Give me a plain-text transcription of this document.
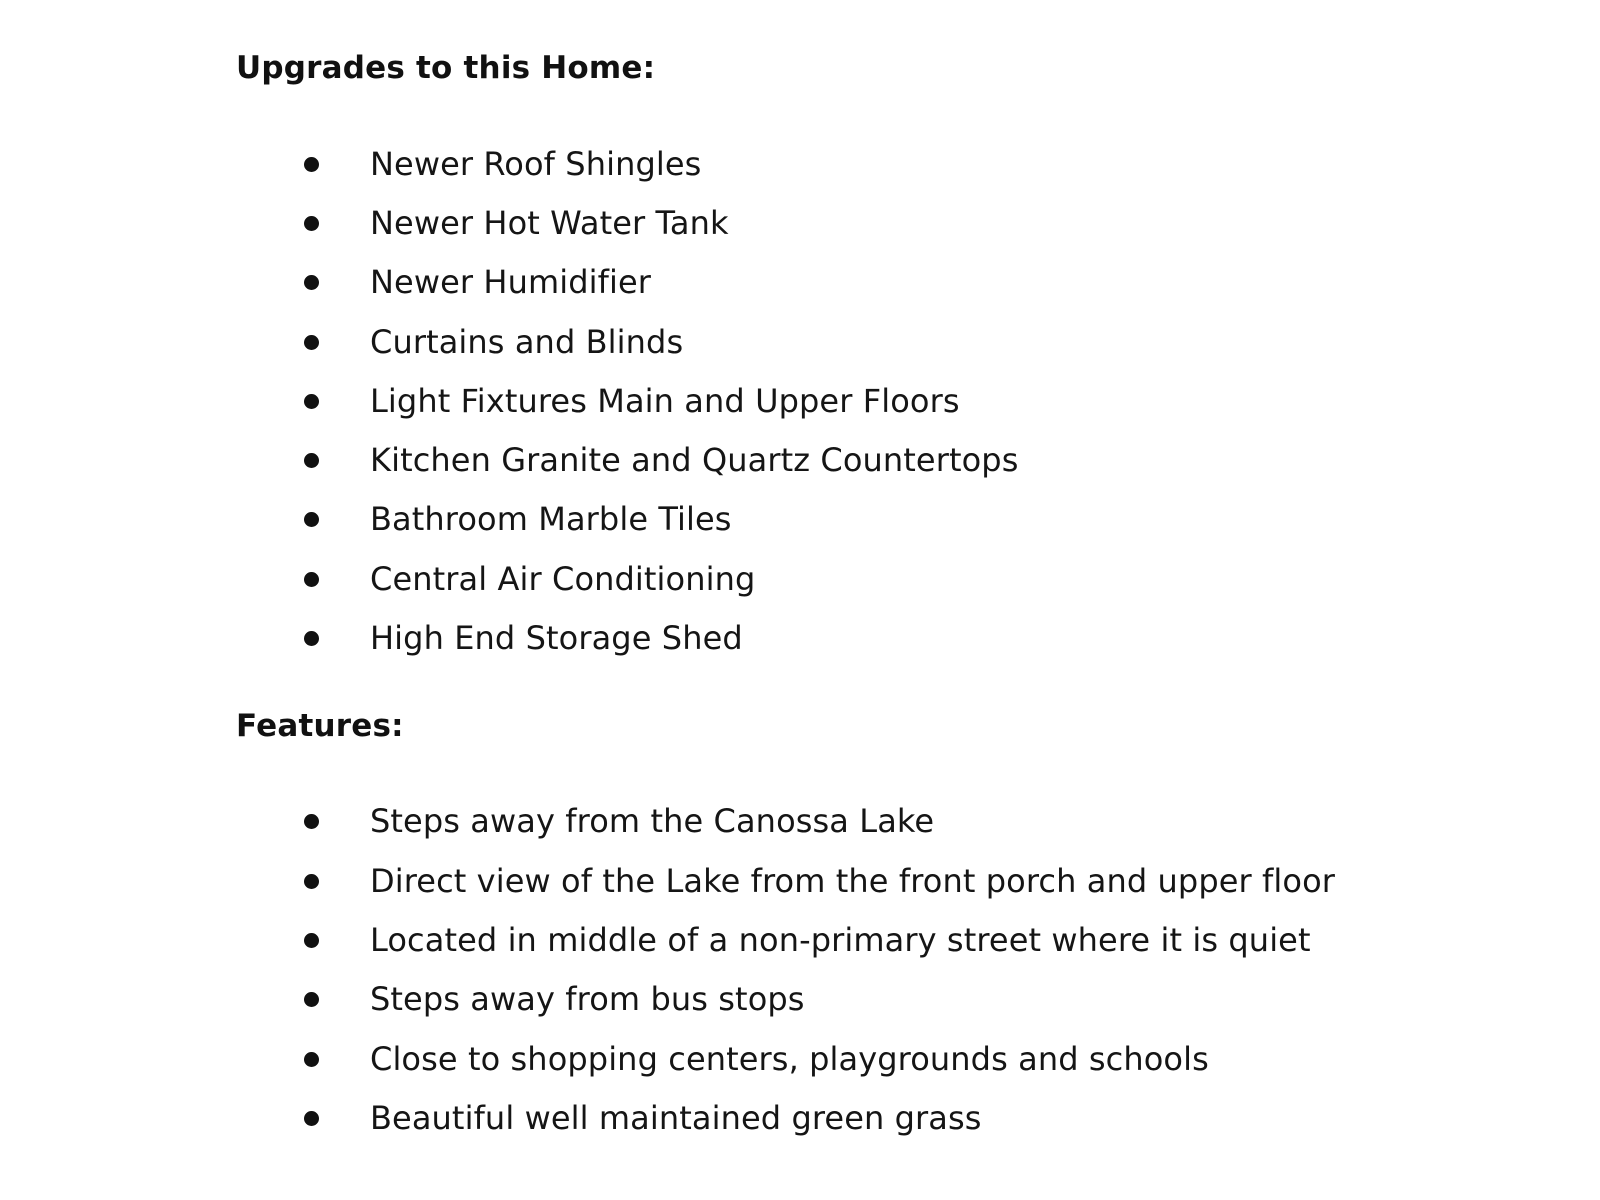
Upgrades to this Home:
Newer Roof Shingles
Newer Hot Water Tank
Newer Humidifier
Curtains and Blinds
Light Fixtures Main and Upper Floors
Kitchen Granite and Quartz Countertops
Bathroom Marble Tiles
Central Air Conditioning
High End Storage Shed
Features:
Steps away from the Canossa Lake
Direct view of the Lake from the front porch and upper floor
Located in middle of a non-primary street where it is quiet
Steps away from bus stops
Close to shopping centers, playgrounds and schools
Beautiful well maintained green grass
